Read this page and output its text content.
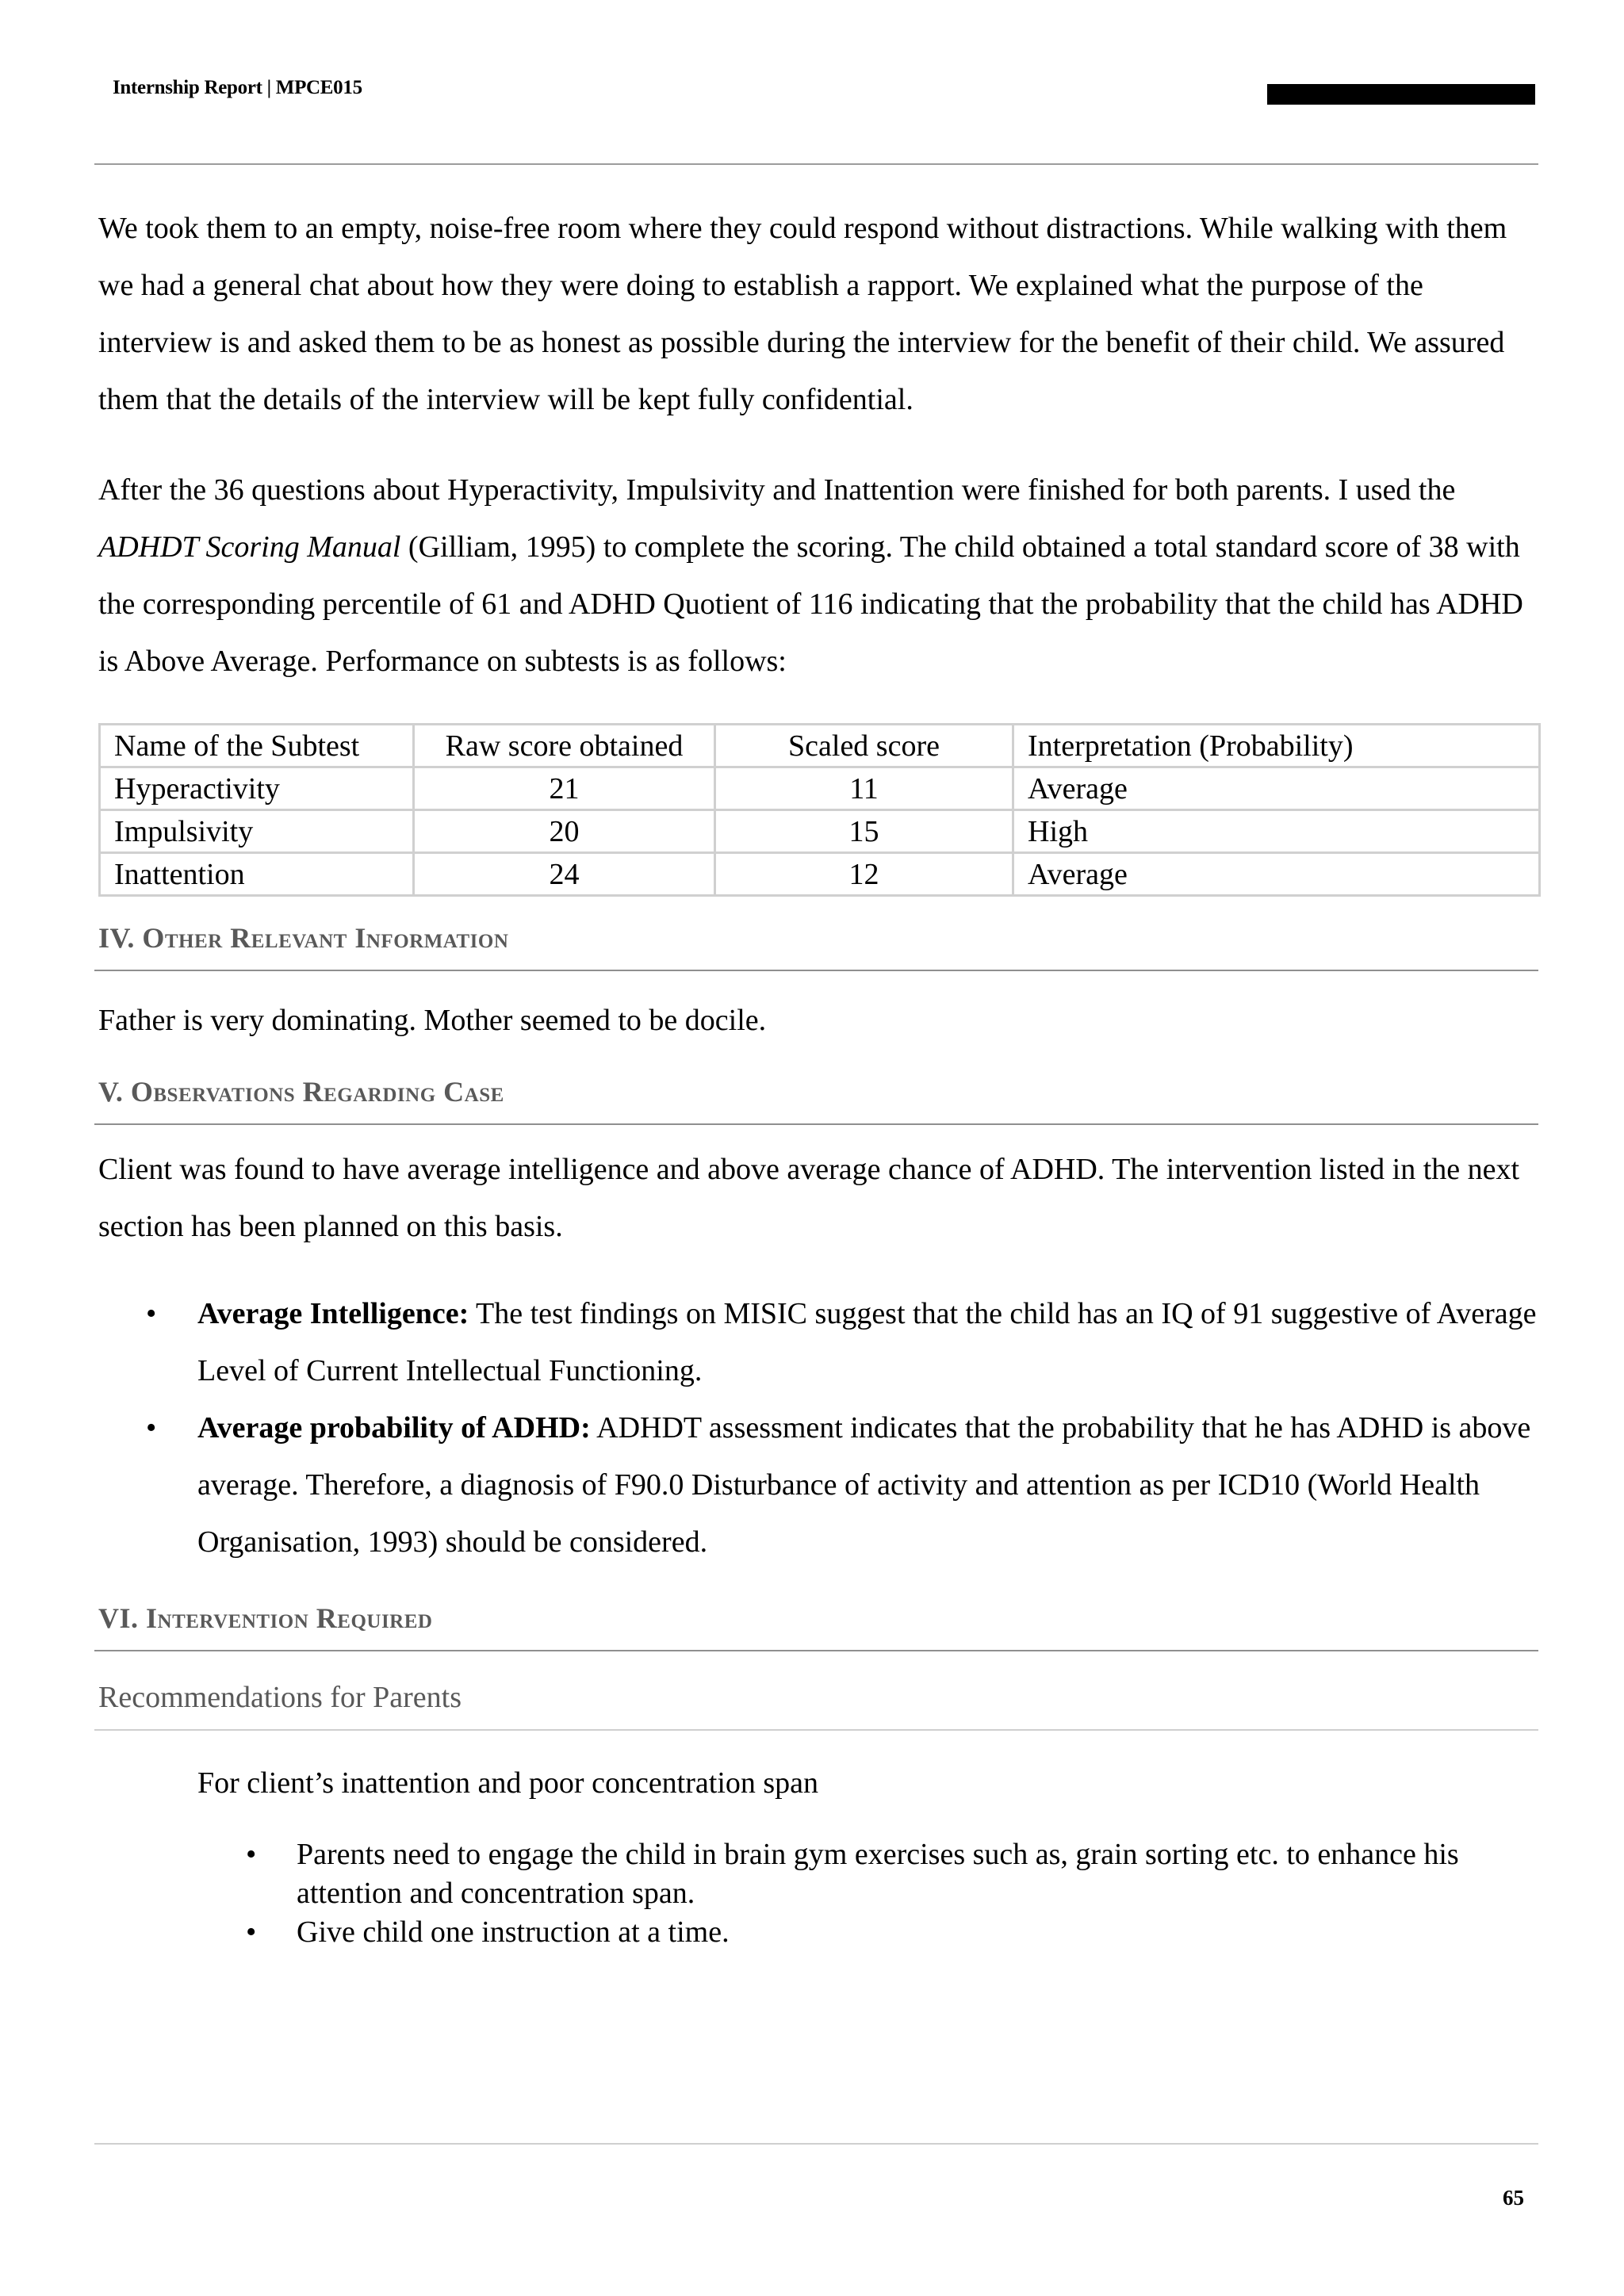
Internship Report | MPCE015

We took them to an empty, noise-free room where they could respond without distractions. While walking with them we had a general chat about how they were doing to establish a rapport. We explained what the purpose of the interview is and asked them to be as honest as possible during the interview for the benefit of their child. We assured them that the details of the interview will be kept fully confidential.

After the 36 questions about Hyperactivity, Impulsivity and Inattention were finished for both parents. I used the ADHDT Scoring Manual (Gilliam, 1995) to complete the scoring. The child obtained a total standard score of 38 with the corresponding percentile of 61 and ADHD Quotient of 116 indicating that the probability that the child has ADHD is Above Average. Performance on subtests is as follows:

Name of the Subtest	Raw score obtained	Scaled score	Interpretation (Probability)
Hyperactivity	21	11	Average
Impulsivity	20	15	High
Inattention	24	12	Average
IV. Other Relevant Information

Father is very dominating. Mother seemed to be docile.

V. Observations Regarding Case

Client was found to have average intelligence and above average chance of ADHD. The intervention listed in the next section has been planned on this basis.

• Average Intelligence: The test findings on MISIC suggest that the child has an IQ of 91 suggestive of Average Level of Current Intellectual Functioning.
• Average probability of ADHD: ADHDT assessment indicates that the probability that he has ADHD is above average. Therefore, a diagnosis of F90.0 Disturbance of activity and attention as per ICD10 (World Health Organisation, 1993) should be considered.
VI. Intervention Required
Recommendations for Parents

For client’s inattention and poor concentration span

• Parents need to engage the child in brain gym exercises such as, grain sorting etc. to enhance his attention and concentration span.
• Give child one instruction at a time.
65
